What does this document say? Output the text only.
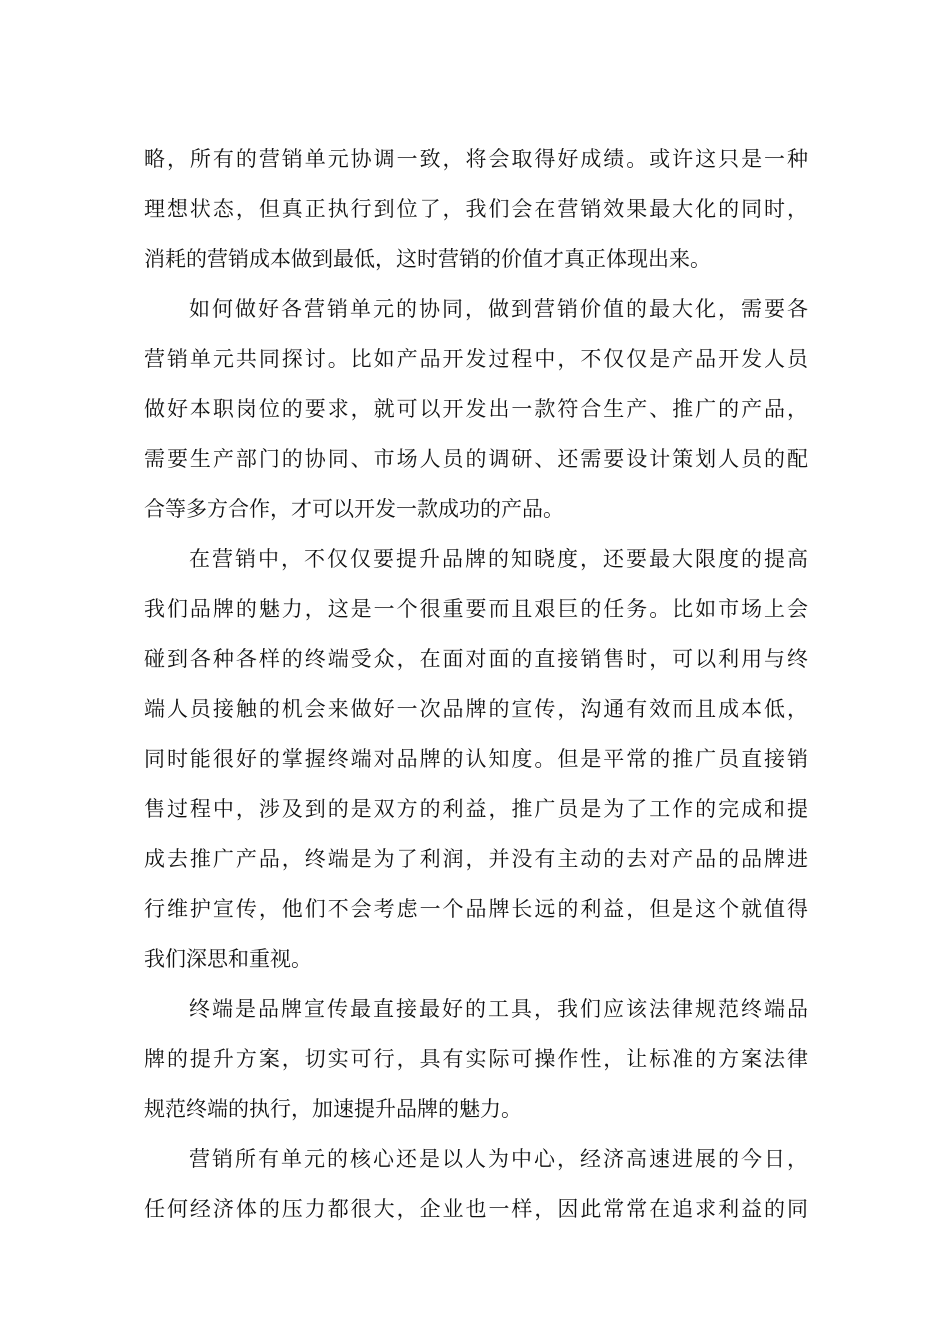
略，所有的营销单元协调一致，将会取得好成绩。或许这只是一种
理想状态，但真正执行到位了，我们会在营销效果最大化的同时，
消耗的营销成本做到最低，这时营销的价值才真正体现出来。
如何做好各营销单元的协同，做到营销价值的最大化，需要各
营销单元共同探讨。比如产品开发过程中，不仅仅是产品开发人员
做好本职岗位的要求，就可以开发出一款符合生产、推广的产品，
需要生产部门的协同、市场人员的调研、还需要设计策划人员的配
合等多方合作，才可以开发一款成功的产品。
在营销中，不仅仅要提升品牌的知晓度，还要最大限度的提高
我们品牌的魅力，这是一个很重要而且艰巨的任务。比如市场上会
碰到各种各样的终端受众，在面对面的直接销售时，可以利用与终
端人员接触的机会来做好一次品牌的宣传，沟通有效而且成本低，
同时能很好的掌握终端对品牌的认知度。但是平常的推广员直接销
售过程中，涉及到的是双方的利益，推广员是为了工作的完成和提
成去推广产品，终端是为了利润，并没有主动的去对产品的品牌进
行维护宣传，他们不会考虑一个品牌长远的利益，但是这个就值得
我们深思和重视。
终端是品牌宣传最直接最好的工具，我们应该法律规范终端品
牌的提升方案，切实可行，具有实际可操作性，让标准的方案法律
规范终端的执行，加速提升品牌的魅力。
营销所有单元的核心还是以人为中心，经济高速进展的今日，
任何经济体的压力都很大，企业也一样，因此常常在追求利益的同
